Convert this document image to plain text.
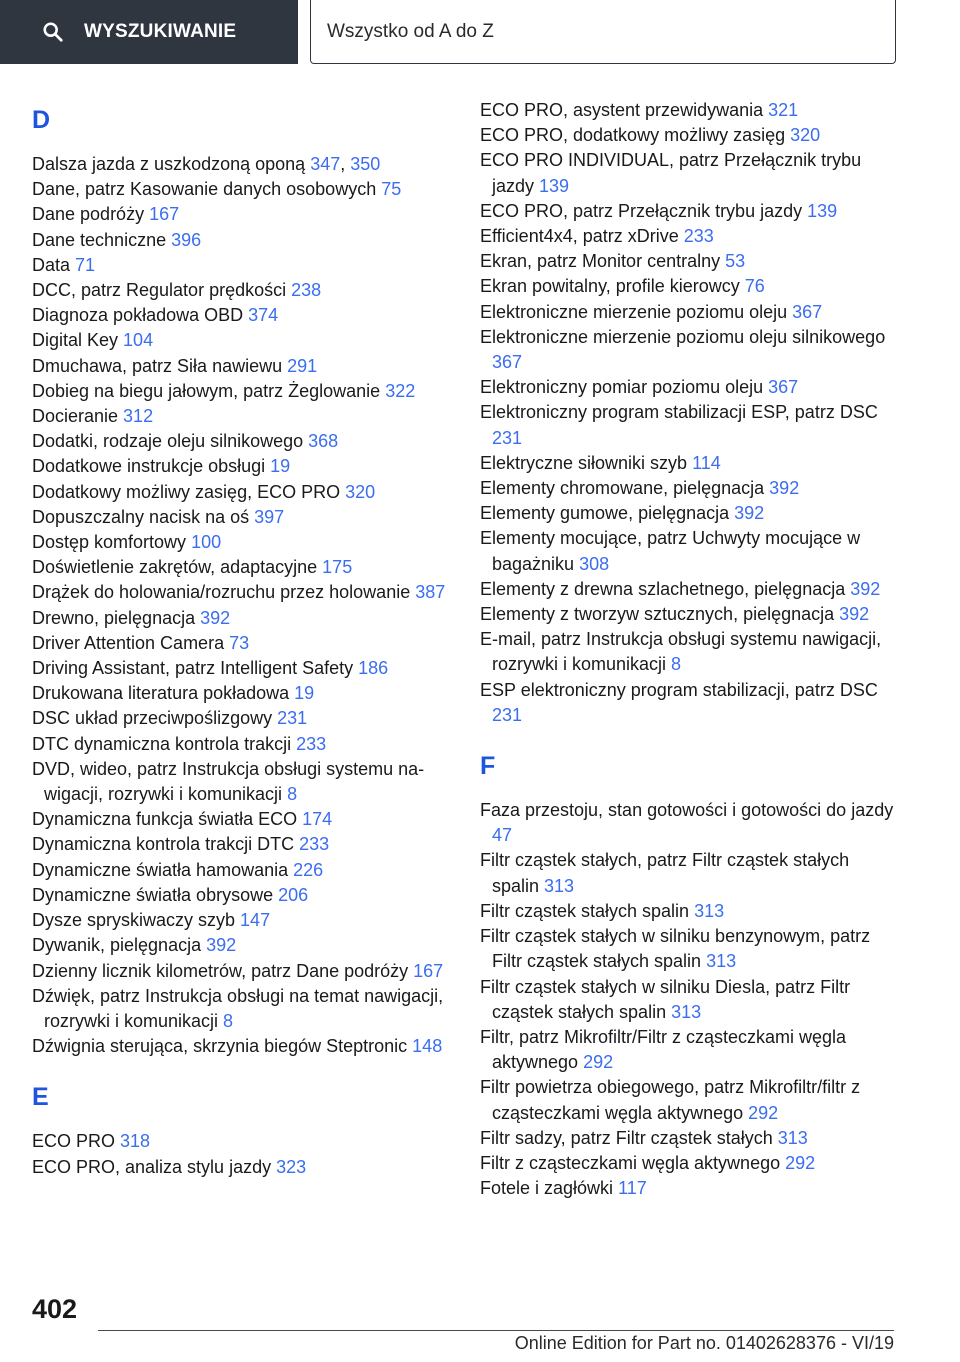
WYSZUKIWANIE	Wszystko od A do Z
D
Dalsza jazda z uszkodzoną oponą 347, 350
Dane, patrz Kasowanie danych osobowych 75
Dane podróży 167
Dane techniczne 396
Data 71
DCC, patrz Regulator prędkości 238
Diagnoza pokładowa OBD 374
Digital Key 104
Dmuchawa, patrz Siła nawiewu 291
Dobieg na biegu jałowym, patrz Żeglowanie 322
Docieranie 312
Dodatki, rodzaje oleju silnikowego 368
Dodatkowe instrukcje obsługi 19
Dodatkowy możliwy zasięg, ECO PRO 320
Dopuszczalny nacisk na oś 397
Dostęp komfortowy 100
Doświetlenie zakrętów, adaptacyjne 175
Drążek do holowania/rozruchu przez holowanie 387
Drewno, pielęgnacja 392
Driver Attention Camera 73
Driving Assistant, patrz Intelligent Safety 186
Drukowana literatura pokładowa 19
DSC układ przeciwpoślizgowy 231
DTC dynamiczna kontrola trakcji 233
DVD, wideo, patrz Instrukcja obsługi systemu nawigacji, rozrywki i komunikacji 8
Dynamiczna funkcja światła ECO 174
Dynamiczna kontrola trakcji DTC 233
Dynamiczne światła hamowania 226
Dynamiczne światła obrysowe 206
Dysze spryskiwaczy szyb 147
Dywanik, pielęgnacja 392
Dzienny licznik kilometrów, patrz Dane podróży 167
Dźwięk, patrz Instrukcja obsługi na temat nawigacji, rozrywki i komunikacji 8
Dźwignia sterująca, skrzynia biegów Steptronic 148
E
ECO PRO 318
ECO PRO, analiza stylu jazdy 323
ECO PRO, asystent przewidywania 321
ECO PRO, dodatkowy możliwy zasięg 320
ECO PRO INDIVIDUAL, patrz Przełącznik trybu jazdy 139
ECO PRO, patrz Przełącznik trybu jazdy 139
Efficient4x4, patrz xDrive 233
Ekran, patrz Monitor centralny 53
Ekran powitalny, profile kierowcy 76
Elektroniczne mierzenie poziomu oleju 367
Elektroniczne mierzenie poziomu oleju silnikowego 367
Elektroniczny pomiar poziomu oleju 367
Elektroniczny program stabilizacji ESP, patrz DSC 231
Elektryczne siłowniki szyb 114
Elementy chromowane, pielęgnacja 392
Elementy gumowe, pielęgnacja 392
Elementy mocujące, patrz Uchwyty mocujące w bagażniku 308
Elementy z drewna szlachetnego, pielęgnacja 392
Elementy z tworzyw sztucznych, pielęgnacja 392
E-mail, patrz Instrukcja obsługi systemu nawigacji, rozrywki i komunikacji 8
ESP elektroniczny program stabilizacji, patrz DSC 231
F
Faza przestoju, stan gotowości i gotowości do jazdy 47
Filtr cząstek stałych, patrz Filtr cząstek stałych spalin 313
Filtr cząstek stałych spalin 313
Filtr cząstek stałych w silniku benzynowym, patrz Filtr cząstek stałych spalin 313
Filtr cząstek stałych w silniku Diesla, patrz Filtr cząstek stałych spalin 313
Filtr, patrz Mikrofiltr/Filtr z cząsteczkami węgla aktywnego 292
Filtr powietrza obiegowego, patrz Mikrofiltr/filtr z cząsteczkami węgla aktywnego 292
Filtr sadzy, patrz Filtr cząstek stałych 313
Filtr z cząsteczkami węgla aktywnego 292
Fotele i zagłówki 117
402
Online Edition for Part no. 01402628376 - VI/19
